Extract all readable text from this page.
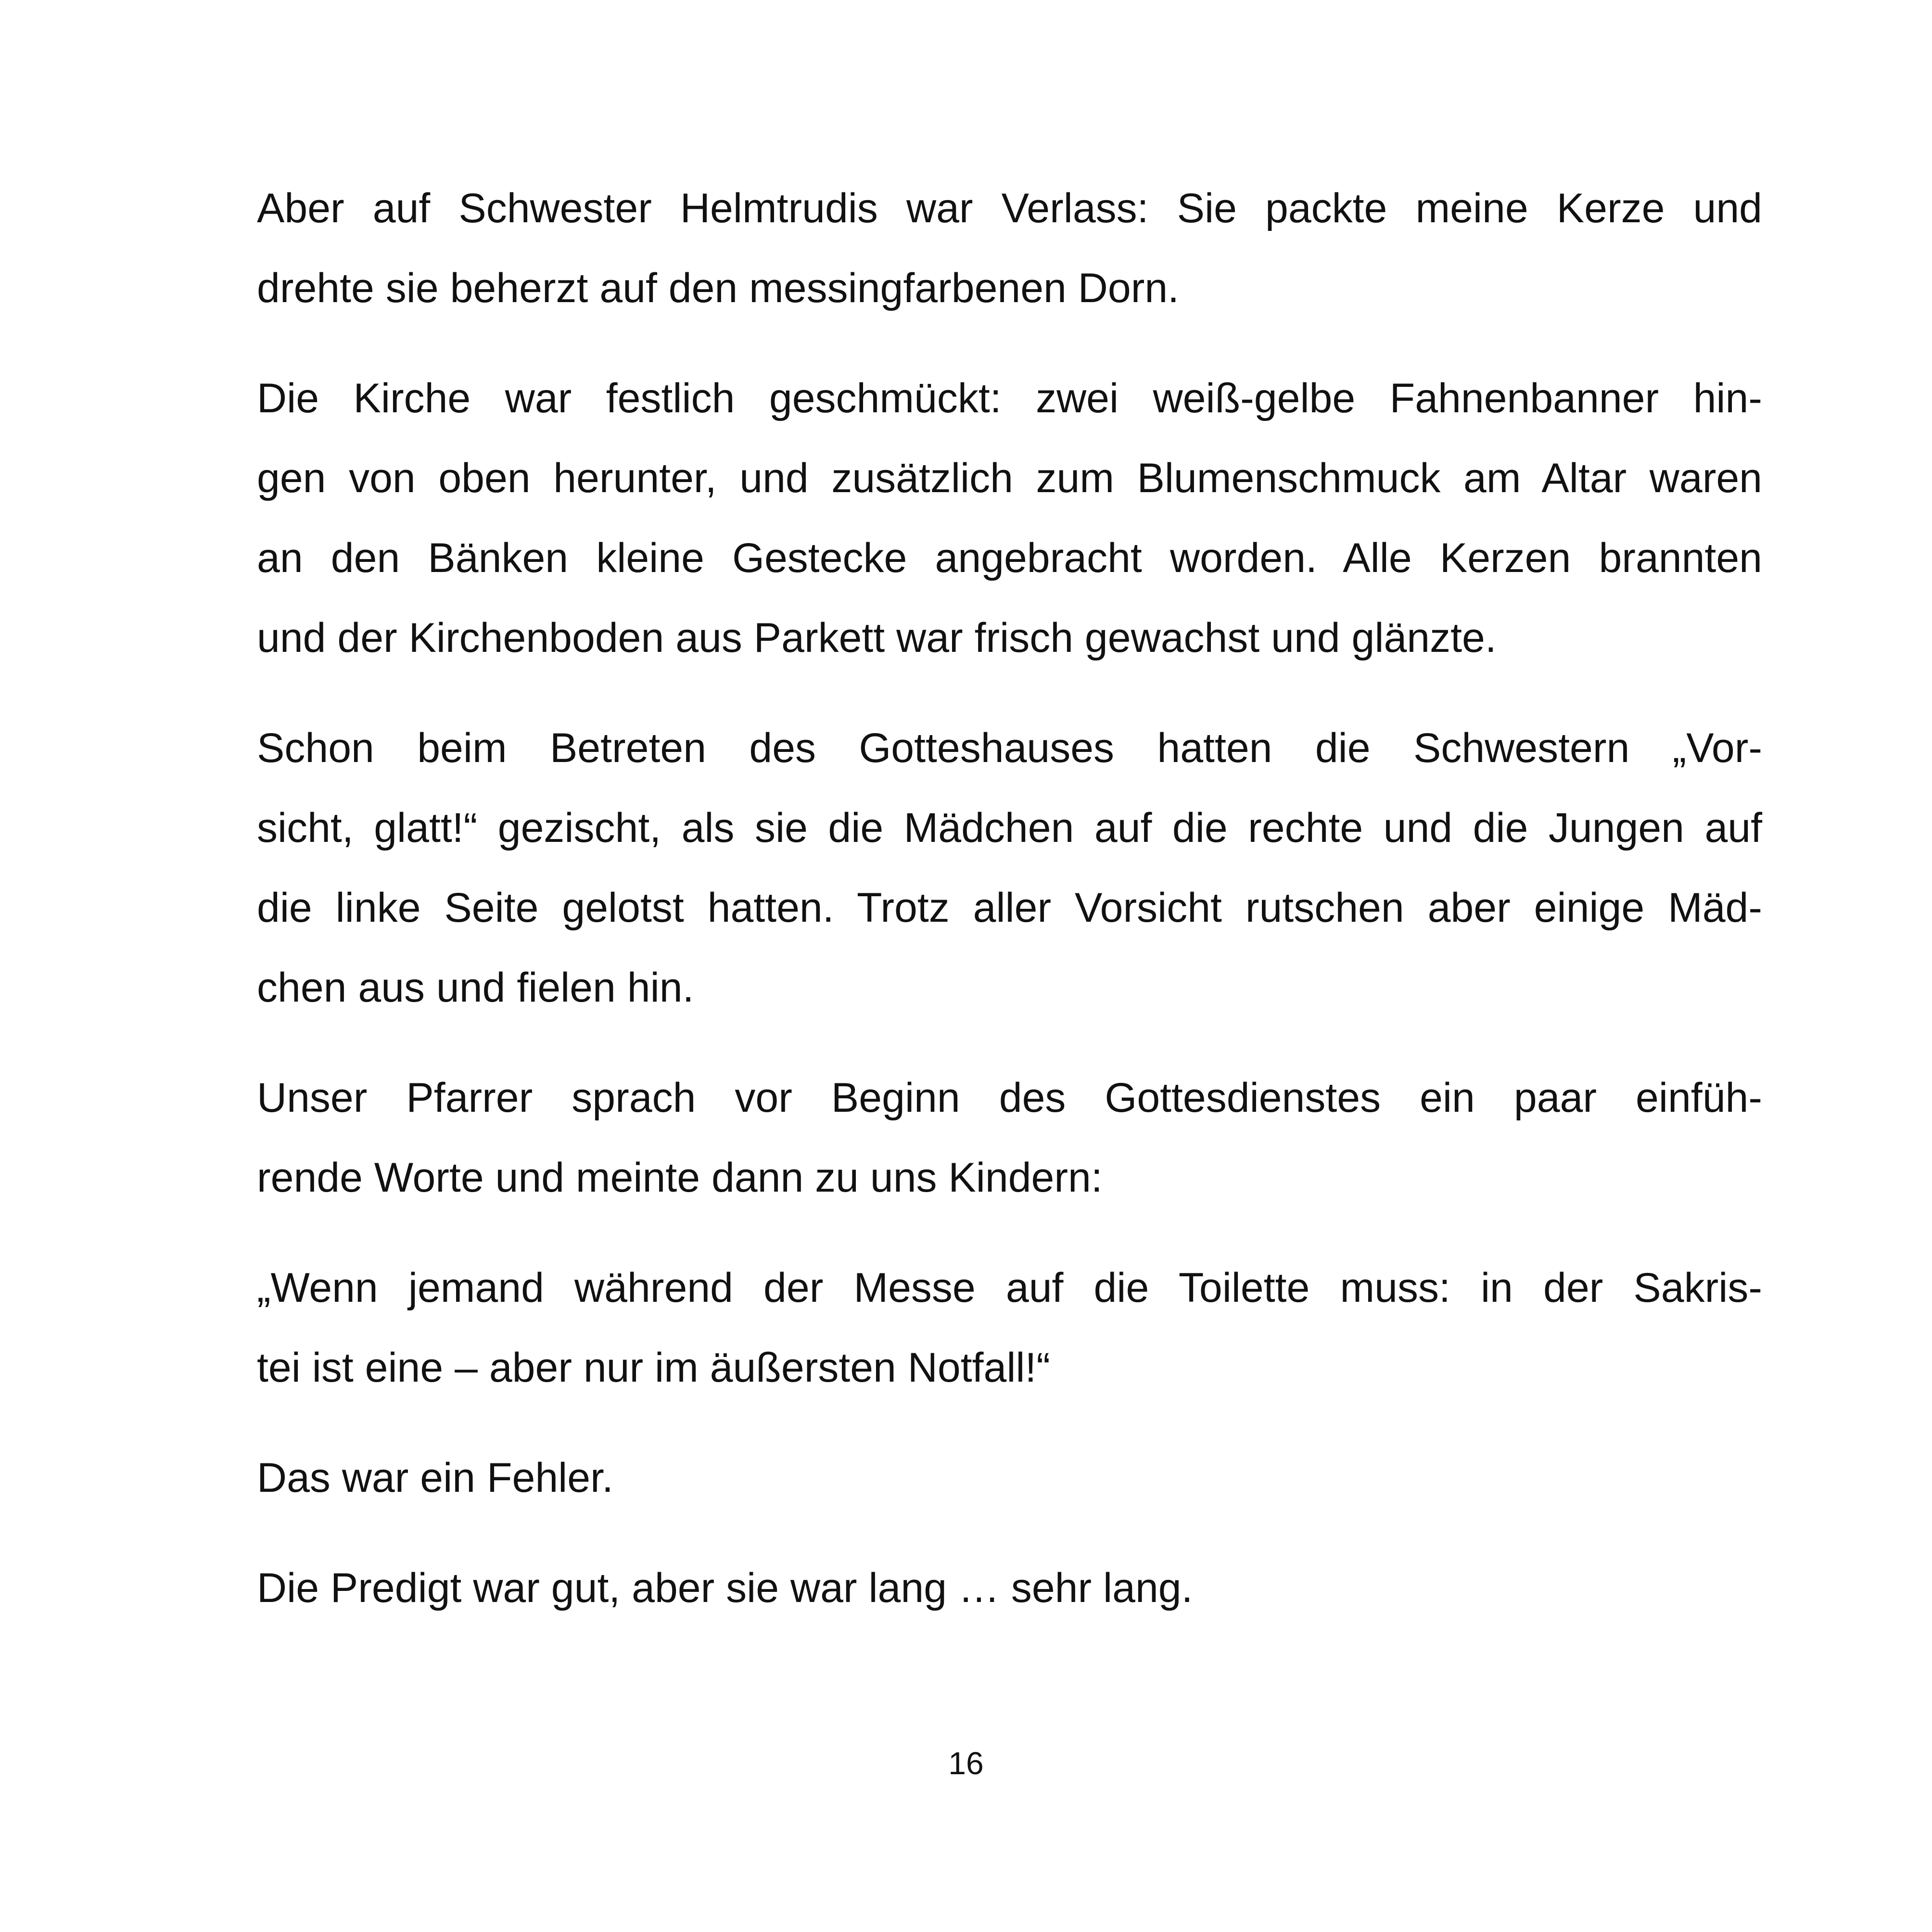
Aber auf Schwester Helmtrudis war Verlass: Sie packte meine Kerze und
drehte sie beherzt auf den messingfarbenen Dorn.

Die Kirche war festlich geschmückt: zwei weiß-gelbe Fahnenbanner hin-
gen von oben herunter, und zusätzlich zum Blumenschmuck am Altar waren
an den Bänken kleine Gestecke angebracht worden. Alle Kerzen brannten
und der Kirchenboden aus Parkett war frisch gewachst und glänzte.

Schon beim Betreten des Gotteshauses hatten die Schwestern „Vor-
sicht, glatt!“ gezischt, als sie die Mädchen auf die rechte und die Jungen auf
die linke Seite gelotst hatten. Trotz aller Vorsicht rutschen aber einige Mäd-
chen aus und fielen hin.

Unser Pfarrer sprach vor Beginn des Gottesdienstes ein paar einfüh-
rende Worte und meinte dann zu uns Kindern:

„Wenn jemand während der Messe auf die Toilette muss: in der Sakris-
tei ist eine – aber nur im äußersten Notfall!“

Das war ein Fehler.

Die Predigt war gut, aber sie war lang … sehr lang.

16
